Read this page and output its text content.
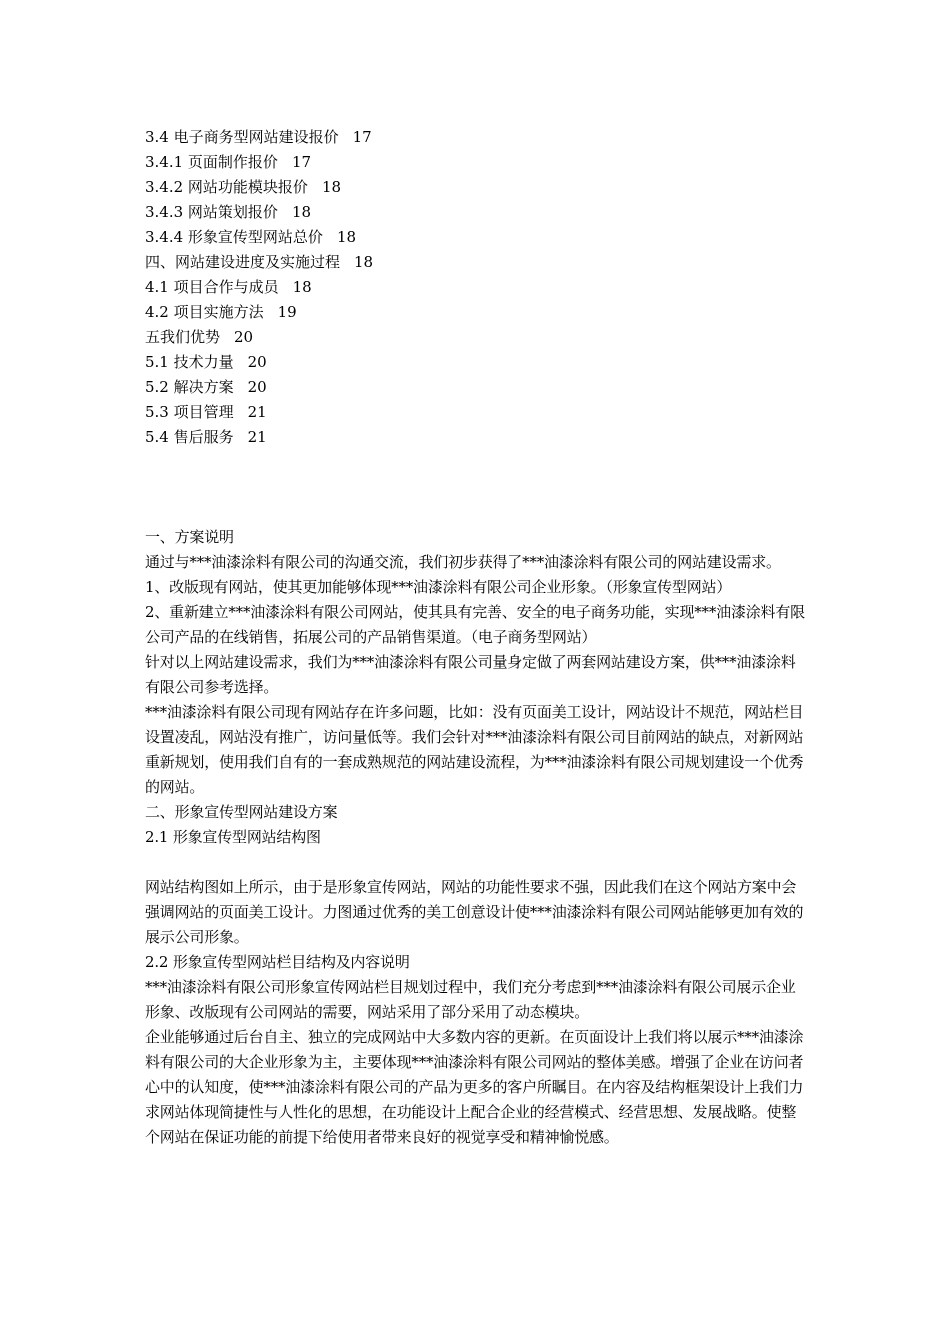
3.4 电子商务型网站建设报价 17
3.4.1 页面制作报价 17
3.4.2 网站功能模块报价 18
3.4.3 网站策划报价 18
3.4.4 形象宣传型网站总价 18
四、网站建设进度及实施过程 18
4.1 项目合作与成员 18
4.2 项目实施方法 19
五我们优势 20
5.1 技术力量 20
5.2 解决方案 20
5.3 项目管理 21
5.4 售后服务 21
一、方案说明
通过与***油漆涂料有限公司的沟通交流，我们初步获得了***油漆涂料有限公司的网站建设需求。
1、改版现有网站，使其更加能够体现***油漆涂料有限公司企业形象。（形象宣传型网站）
2、重新建立***油漆涂料有限公司网站，使其具有完善、安全的电子商务功能，实现***油漆涂料有限公司产品的在线销售，拓展公司的产品销售渠道。（电子商务型网站）
针对以上网站建设需求，我们为***油漆涂料有限公司量身定做了两套网站建设方案，供***油漆涂料有限公司参考选择。
***油漆涂料有限公司现有网站存在许多问题，比如：没有页面美工设计，网站设计不规范，网站栏目设置凌乱，网站没有推广，访问量低等。我们会针对***油漆涂料有限公司目前网站的缺点，对新网站重新规划，使用我们自有的一套成熟规范的网站建设流程，为***油漆涂料有限公司规划建设一个优秀的网站。
二、形象宣传型网站建设方案
2.1 形象宣传型网站结构图
网站结构图如上所示，由于是形象宣传网站，网站的功能性要求不强，因此我们在这个网站方案中会强调网站的页面美工设计。力图通过优秀的美工创意设计使***油漆涂料有限公司网站能够更加有效的展示公司形象。
2.2 形象宣传型网站栏目结构及内容说明
***油漆涂料有限公司形象宣传网站栏目规划过程中，我们充分考虑到***油漆涂料有限公司展示企业形象、改版现有公司网站的需要，网站采用了部分采用了动态模块。
企业能够通过后台自主、独立的完成网站中大多数内容的更新。在页面设计上我们将以展示***油漆涂料有限公司的大企业形象为主，主要体现***油漆涂料有限公司网站的整体美感。增强了企业在访问者心中的认知度，使***油漆涂料有限公司的产品为更多的客户所瞩目。在内容及结构框架设计上我们力求网站体现简捷性与人性化的思想，在功能设计上配合企业的经营模式、经营思想、发展战略。使整个网站在保证功能的前提下给使用者带来良好的视觉享受和精神愉悦感。
